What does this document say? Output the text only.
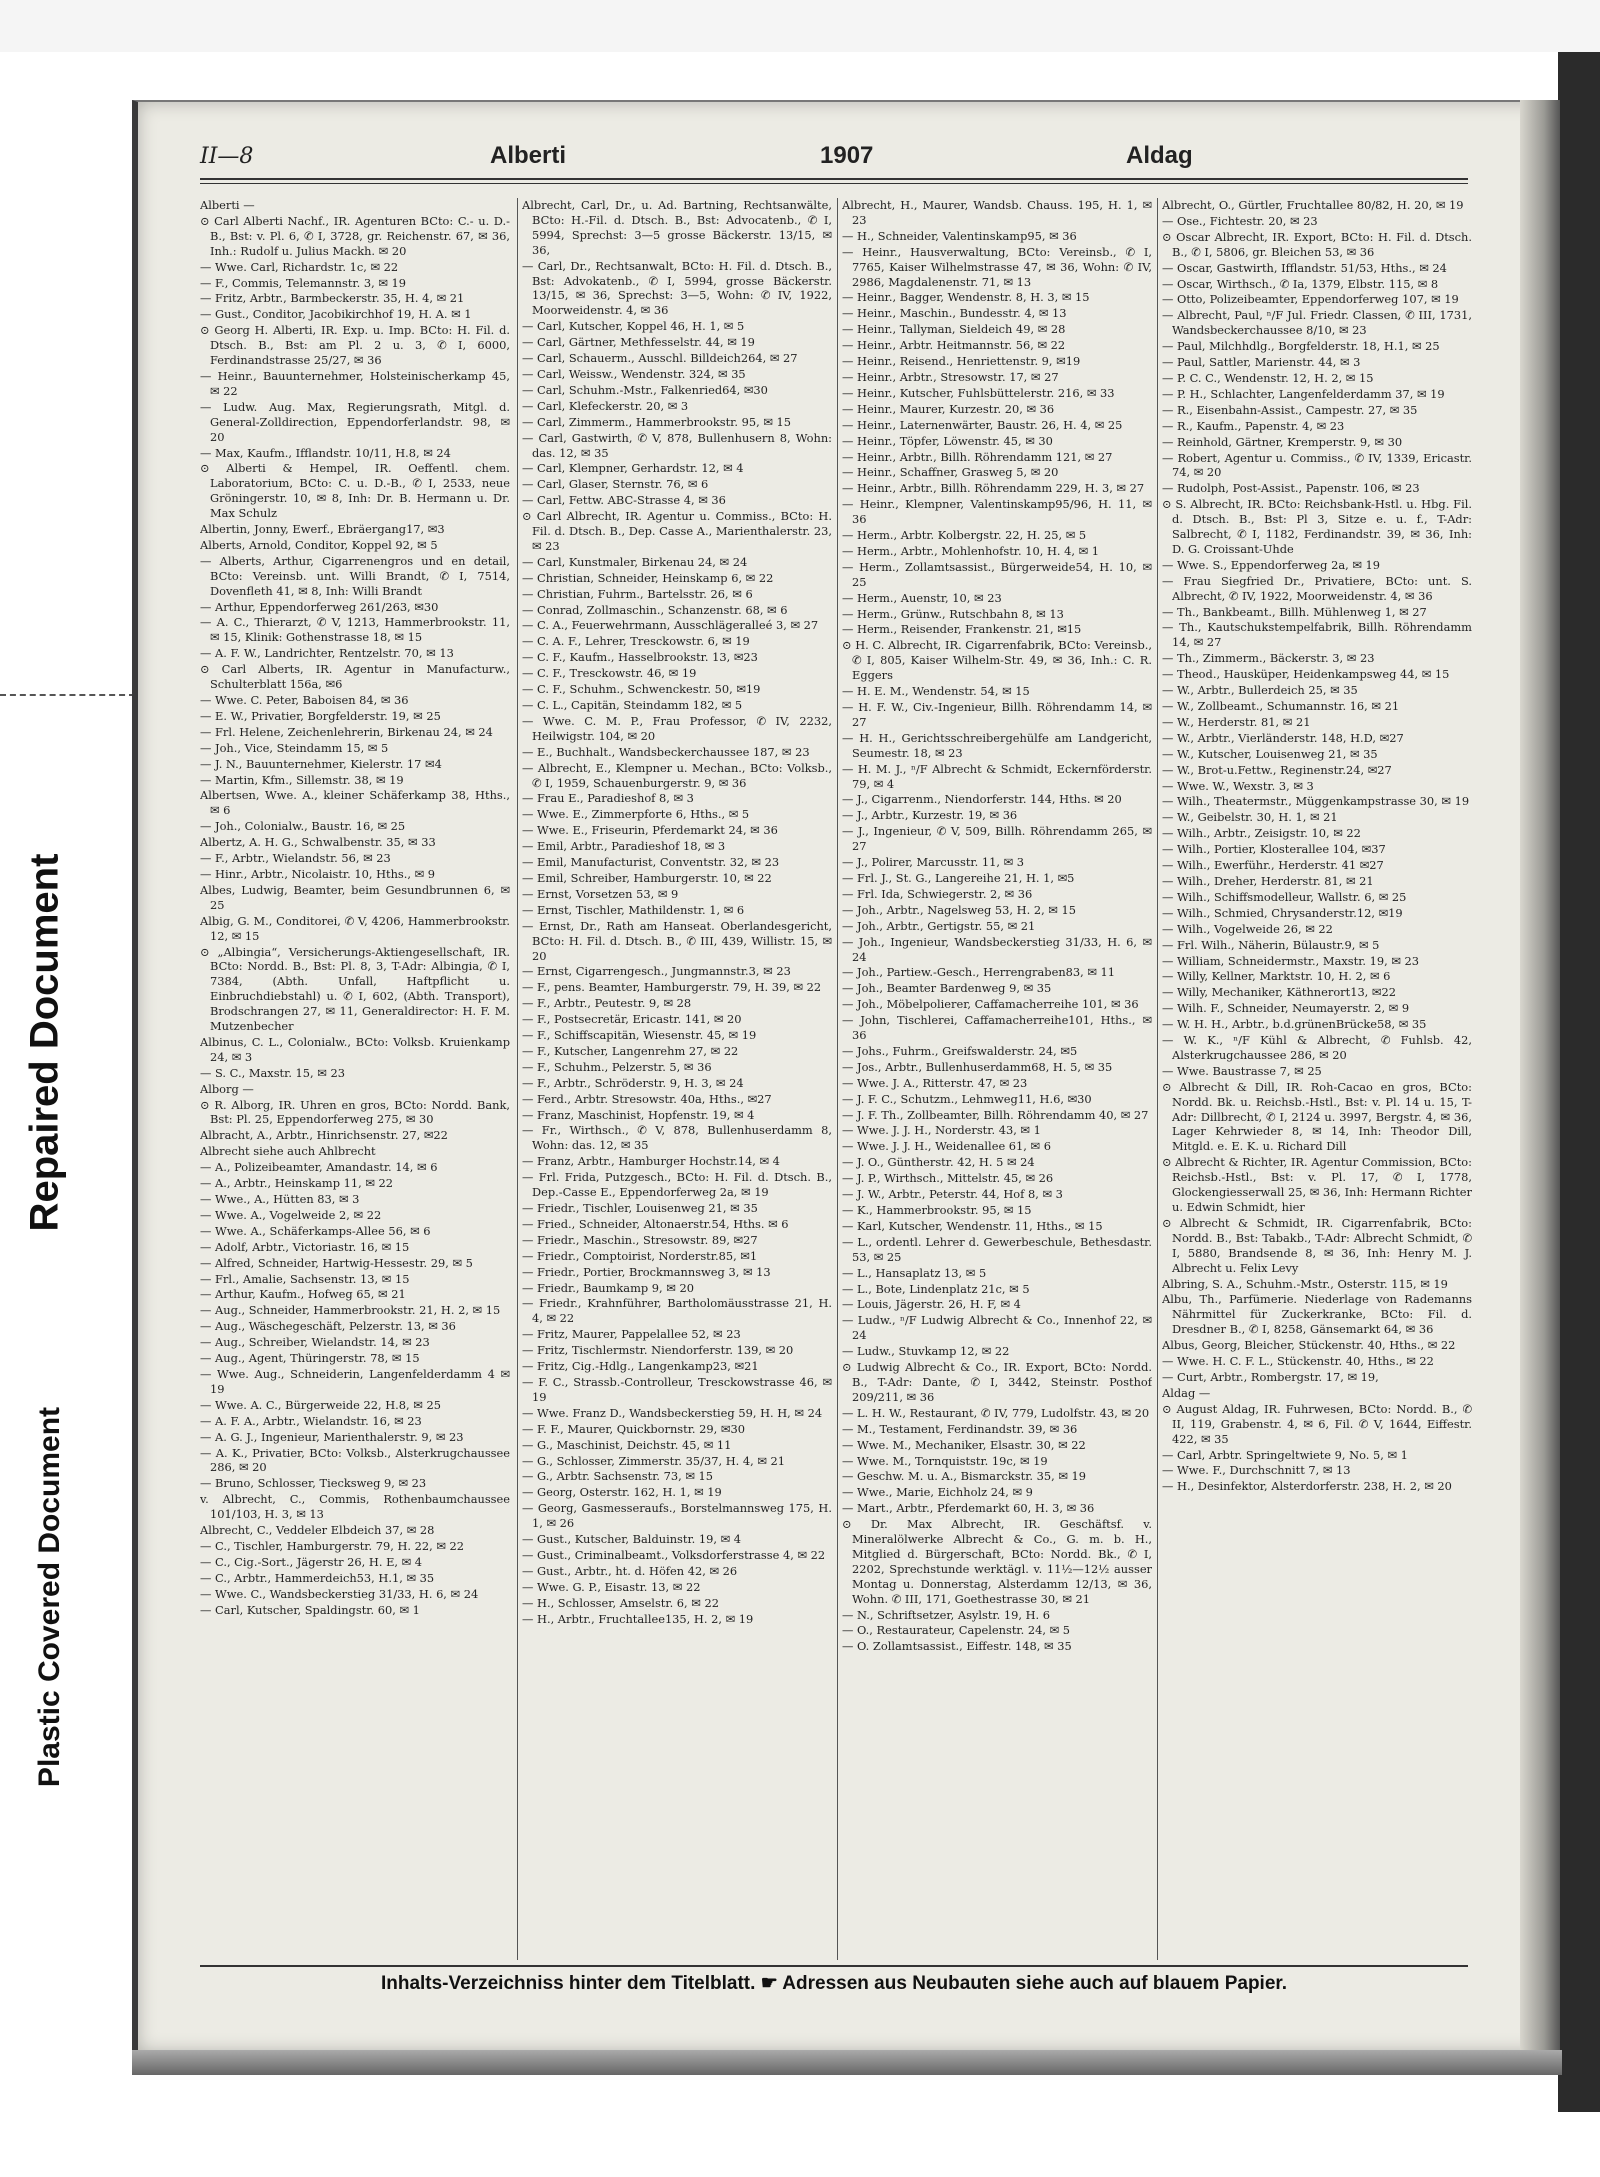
Repaired Document
Plastic Covered Document
II—8	Alberti	1907	Aldag
Alberti —
⊙ Carl Alberti Nachf., IR. Agenturen BCto: C.- u. D.-B., Bst: v. Pl. 6, ✆ I, 3728, gr. Reichenstr. 67, ✉ 36, Inh.: Rudolf u. Julius Mackh. ✉ 20
— Wwe. Carl, Richardstr. 1c, ✉ 22
— F., Commis, Telemannstr. 3, ✉ 19
— Fritz, Arbtr., Barmbeckerstr. 35, H. 4, ✉ 21
— Gust., Conditor, Jacobikirchhof 19, H. A. ✉ 1
⊙ Georg H. Alberti, IR. Exp. u. Imp. BCto: H. Fil. d. Dtsch. B., Bst: am Pl. 2 u. 3, ✆ I, 6000, Ferdinandstrasse 25/27, ✉ 36
— Heinr., Bauunternehmer, Holsteinischerkamp 45, ✉ 22
— Ludw. Aug. Max, Regierungsrath, Mitgl. d. General-Zolldirection, Eppendorferlandstr. 98, ✉ 20
— Max, Kaufm., Ifflandstr. 10/11, H.8, ✉ 24
⊙ Alberti & Hempel, IR. Oeffentl. chem. Laboratorium, BCto: C. u. D.-B., ✆ I, 2533, neue Gröningerstr. 10, ✉ 8, Inh: Dr. B. Hermann u. Dr. Max Schulz
Albertin, Jonny, Ewerf., Ebräergang17, ✉3
Alberts, Arnold, Conditor, Koppel 92, ✉ 5
— Alberts, Arthur, Cigarrenengros und en detail, BCto: Vereinsb. unt. Willi Brandt, ✆ I, 7514, Dovenfleth 41, ✉ 8, Inh: Willi Brandt
— Arthur, Eppendorferweg 261/263, ✉30
— A. C., Thierarzt, ✆ V, 1213, Hammerbrookstr. 11, ✉ 15, Klinik: Gothenstrasse 18, ✉ 15
— A. F. W., Landrichter, Rentzelstr. 70, ✉ 13
⊙ Carl Alberts, IR. Agentur in Manufacturw., Schulterblatt 156a, ✉6
— Wwe. C. Peter, Baboisen 84, ✉ 36
— E. W., Privatier, Borgfelderstr. 19, ✉ 25
— Frl. Helene, Zeichenlehrerin, Birkenau 24, ✉ 24
— Joh., Vice, Steindamm 15, ✉ 5
— J. N., Bauunternehmer, Kielerstr. 17 ✉4
— Martin, Kfm., Sillemstr. 38, ✉ 19
Albertsen, Wwe. A., kleiner Schäferkamp 38, Hths., ✉ 6
— Joh., Colonialw., Baustr. 16, ✉ 25
Albertz, A. H. G., Schwalbenstr. 35, ✉ 33
— F., Arbtr., Wielandstr. 56, ✉ 23
— Hinr., Arbtr., Nicolaistr. 10, Hths., ✉ 9
Albes, Ludwig, Beamter, beim Gesundbrunnen 6, ✉ 25
Albig, G. M., Conditorei, ✆ V, 4206, Hammerbrookstr. 12, ✉ 15
⊙ „Albingia“, Versicherungs-Aktiengesellschaft, IR. BCto: Nordd. B., Bst: Pl. 8, 3, T-Adr: Albingia, ✆ I, 7384, (Abth. Unfall, Haftpflicht u. Einbruchdiebstahl) u. ✆ I, 602, (Abth. Transport), Brodschrangen 27, ✉ 11, Generaldirector: H. F. M. Mutzenbecher
Albinus, C. L., Colonialw., BCto: Volksb. Kruienkamp 24, ✉ 3
— S. C., Maxstr. 15, ✉ 23
Alborg —
⊙ R. Alborg, IR. Uhren en gros, BCto: Nordd. Bank, Bst: Pl. 25, Eppendorferweg 275, ✉ 30
Albracht, A., Arbtr., Hinrichsenstr. 27, ✉22
Albrecht siehe auch Ahlbrecht
— A., Polizeibeamter, Amandastr. 14, ✉ 6
— A., Arbtr., Heinskamp 11, ✉ 22
— Wwe., A., Hütten 83, ✉ 3
— Wwe. A., Vogelweide 2, ✉ 22
— Wwe. A., Schäferkamps-Allee 56, ✉ 6
— Adolf, Arbtr., Victoriastr. 16, ✉ 15
— Alfred, Schneider, Hartwig-Hessestr. 29, ✉ 5
— Frl., Amalie, Sachsenstr. 13, ✉ 15
— Arthur, Kaufm., Hofweg 65, ✉ 21
— Aug., Schneider, Hammerbrookstr. 21, H. 2, ✉ 15
— Aug., Wäschegeschäft, Pelzerstr. 13, ✉ 36
— Aug., Schreiber, Wielandstr. 14, ✉ 23
— Aug., Agent, Thüringerstr. 78, ✉ 15
— Wwe. Aug., Schneiderin, Langenfelderdamm 4 ✉ 19
— Wwe. A. C., Bürgerweide 22, H.8, ✉ 25
— A. F. A., Arbtr., Wielandstr. 16, ✉ 23
— A. G. J., Ingenieur, Marienthalerstr. 9, ✉ 23
— A. K., Privatier, BCto: Volksb., Alsterkrugchaussee 286, ✉ 20
— Bruno, Schlosser, Tiecksweg 9, ✉ 23
v. Albrecht, C., Commis, Rothenbaumchaussee 101/103, H. 3, ✉ 13
Albrecht, C., Veddeler Elbdeich 37, ✉ 28
— C., Tischler, Hamburgerstr. 79, H. 22, ✉ 22
— C., Cig.-Sort., Jägerstr 26, H. E, ✉ 4
— C., Arbtr., Hammerdeich53, H.1, ✉ 35
— Wwe. C., Wandsbeckerstieg 31/33, H. 6, ✉ 24
— Carl, Kutscher, Spaldingstr. 60, ✉ 1
Albrecht, Carl, Dr., u. Ad. Bartning, Rechtsanwälte, BCto: H.-Fil. d. Dtsch. B., Bst: Advocatenb., ✆ I, 5994, Sprechst: 3—5 grosse Bäckerstr. 13/15, ✉ 36,
— Carl, Dr., Rechtsanwalt, BCto: H. Fil. d. Dtsch. B., Bst: Advokatenb., ✆ I, 5994, grosse Bäckerstr. 13/15, ✉ 36, Sprechst: 3—5, Wohn: ✆ IV, 1922, Moorweidenstr. 4, ✉ 36
— Carl, Kutscher, Koppel 46, H. 1, ✉ 5
— Carl, Gärtner, Methfesselstr. 44, ✉ 19
— Carl, Schauerm., Ausschl. Billdeich264, ✉ 27
— Carl, Weissw., Wendenstr. 324, ✉ 35
— Carl, Schuhm.-Mstr., Falkenried64, ✉30
— Carl, Klefeckerstr. 20, ✉ 3
— Carl, Zimmerm., Hammerbrookstr. 95, ✉ 15
— Carl, Gastwirth, ✆ V, 878, Bullenhusern 8, Wohn: das. 12, ✉ 35
— Carl, Klempner, Gerhardstr. 12, ✉ 4
— Carl, Glaser, Sternstr. 76, ✉ 6
— Carl, Fettw. ABC-Strasse 4, ✉ 36
⊙ Carl Albrecht, IR. Agentur u. Commiss., BCto: H. Fil. d. Dtsch. B., Dep. Casse A., Marienthalerstr. 23, ✉ 23
— Carl, Kunstmaler, Birkenau 24, ✉ 24
— Christian, Schneider, Heinskamp 6, ✉ 22
— Christian, Fuhrm., Bartelsstr. 26, ✉ 6
— Conrad, Zollmaschin., Schanzenstr. 68, ✉ 6
— C. A., Feuerwehrmann, Ausschlägeralleé 3, ✉ 27
— C. A. F., Lehrer, Tresckowstr. 6, ✉ 19
— C. F., Kaufm., Hasselbrookstr. 13, ✉23
— C. F., Tresckowstr. 46, ✉ 19
— C. F., Schuhm., Schwenckestr. 50, ✉19
— C. L., Capitän, Steindamm 182, ✉ 5
— Wwe. C. M. P., Frau Professor, ✆ IV, 2232, Heilwigstr. 104, ✉ 20
— E., Buchhalt., Wandsbeckerchaussee 187, ✉ 23
— Albrecht, E., Klempner u. Mechan., BCto: Volksb., ✆ I, 1959, Schauenburgerstr. 9, ✉ 36
— Frau E., Paradieshof 8, ✉ 3
— Wwe. E., Zimmerpforte 6, Hths., ✉ 5
— Wwe. E., Friseurin, Pferdemarkt 24, ✉ 36
— Emil, Arbtr., Paradieshof 18, ✉ 3
— Emil, Manufacturist, Conventstr. 32, ✉ 23
— Emil, Schreiber, Hamburgerstr. 10, ✉ 22
— Ernst, Vorsetzen 53, ✉ 9
— Ernst, Tischler, Mathildenstr. 1, ✉ 6
— Ernst, Dr., Rath am Hanseat. Oberlandesgericht, BCto: H. Fil. d. Dtsch. B., ✆ III, 439, Willistr. 15, ✉ 20
— Ernst, Cigarrengesch., Jungmannstr.3, ✉ 23
— F., pens. Beamter, Hamburgerstr. 79, H. 39, ✉ 22
— F., Arbtr., Peutestr. 9, ✉ 28
— F., Postsecretär, Ericastr. 141, ✉ 20
— F., Schiffscapitän, Wiesenstr. 45, ✉ 19
— F., Kutscher, Langenrehm 27, ✉ 22
— F., Schuhm., Pelzerstr. 5, ✉ 36
— F., Arbtr., Schröderstr. 9, H. 3, ✉ 24
— Ferd., Arbtr. Stresowstr. 40a, Hths., ✉27
— Franz, Maschinist, Hopfenstr. 19, ✉ 4
— Fr., Wirthsch., ✆ V, 878, Bullenhuserdamm 8, Wohn: das. 12, ✉ 35
— Franz, Arbtr., Hamburger Hochstr.14, ✉ 4
— Frl. Frida, Putzgesch., BCto: H. Fil. d. Dtsch. B., Dep.-Casse E., Eppendorferweg 2a, ✉ 19
— Friedr., Tischler, Louisenweg 21, ✉ 35
— Fried., Schneider, Altonaerstr.54, Hths. ✉ 6
— Friedr., Maschin., Stresowstr. 89, ✉27
— Friedr., Comptoirist, Norderstr.85, ✉1
— Friedr., Portier, Brockmannsweg 3, ✉ 13
— Friedr., Baumkamp 9, ✉ 20
— Friedr., Krahnführer, Bartholomäusstrasse 21, H. 4, ✉ 22
— Fritz, Maurer, Pappelallee 52, ✉ 23
— Fritz, Tischlermstr. Niendorferstr. 139, ✉ 20
— Fritz, Cig.-Hdlg., Langenkamp23, ✉21
— F. C., Strassb.-Controlleur, Tresckowstrasse 46, ✉ 19
— Wwe. Franz D., Wandsbeckerstieg 59, H. H, ✉ 24
— F. F., Maurer, Quickbornstr. 29, ✉30
— G., Maschinist, Deichstr. 45, ✉ 11
— G., Schlosser, Zimmerstr. 35/37, H. 4, ✉ 21
— G., Arbtr. Sachsenstr. 73, ✉ 15
— Georg, Osterstr. 162, H. 1, ✉ 19
— Georg, Gasmesseraufs., Borstelmannsweg 175, H. 1, ✉ 26
— Gust., Kutscher, Balduinstr. 19, ✉ 4
— Gust., Criminalbeamt., Volksdorferstrasse 4, ✉ 22
— Gust., Arbtr., ht. d. Höfen 42, ✉ 26
— Wwe. G. P., Eisastr. 13, ✉ 22
— H., Schlosser, Amselstr. 6, ✉ 22
— H., Arbtr., Fruchtallee135, H. 2, ✉ 19
Albrecht, H., Maurer, Wandsb. Chauss. 195, H. 1, ✉ 23
— H., Schneider, Valentinskamp95, ✉ 36
— Heinr., Hausverwaltung, BCto: Vereinsb., ✆ I, 7765, Kaiser Wilhelmstrasse 47, ✉ 36, Wohn: ✆ IV, 2986, Magdalenenstr. 71, ✉ 13
— Heinr., Bagger, Wendenstr. 8, H. 3, ✉ 15
— Heinr., Maschin., Bundesstr. 4, ✉ 13
— Heinr., Tallyman, Sieldeich 49, ✉ 28
— Heinr., Arbtr. Heitmannstr. 56, ✉ 22
— Heinr., Reisend., Henriettenstr. 9, ✉19
— Heinr., Arbtr., Stresowstr. 17, ✉ 27
— Heinr., Kutscher, Fuhlsbüttelerstr. 216, ✉ 33
— Heinr., Maurer, Kurzestr. 20, ✉ 36
— Heinr., Laternenwärter, Baustr. 26, H. 4, ✉ 25
— Heinr., Töpfer, Löwenstr. 45, ✉ 30
— Heinr., Arbtr., Billh. Röhrendamm 121, ✉ 27
— Heinr., Schaffner, Grasweg 5, ✉ 20
— Heinr., Arbtr., Billh. Röhrendamm 229, H. 3, ✉ 27
— Heinr., Klempner, Valentinskamp95/96, H. 11, ✉ 36
— Herm., Arbtr. Kolbergstr. 22, H. 25, ✉ 5
— Herm., Arbtr., Mohlenhofstr. 10, H. 4, ✉ 1
— Herm., Zollamtsassist., Bürgerweide54, H. 10, ✉ 25
— Herm., Auenstr, 10, ✉ 23
— Herm., Grünw., Rutschbahn 8, ✉ 13
— Herm., Reisender, Frankenstr. 21, ✉15
⊙ H. C. Albrecht, IR. Cigarrenfabrik, BCto: Vereinsb., ✆ I, 805, Kaiser Wilhelm-Str. 49, ✉ 36, Inh.: C. R. Eggers
— H. E. M., Wendenstr. 54, ✉ 15
— H. F. W., Civ.-Ingenieur, Billh. Röhrendamm 14, ✉ 27
— H. H., Gerichtsschreibergehülfe am Landgericht, Seumestr. 18, ✉ 23
— H. M. J., ⁿ/F Albrecht & Schmidt, Eckernförderstr. 79, ✉ 4
— J., Cigarrenm., Niendorferstr. 144, Hths. ✉ 20
— J., Arbtr., Kurzestr. 19, ✉ 36
— J., Ingenieur, ✆ V, 509, Billh. Röhrendamm 265, ✉ 27
— J., Polirer, Marcusstr. 11, ✉ 3
— Frl. J., St. G., Langereihe 21, H. 1, ✉5
— Frl. Ida, Schwiegerstr. 2, ✉ 36
— Joh., Arbtr., Nagelsweg 53, H. 2, ✉ 15
— Joh., Arbtr., Gertigstr. 55, ✉ 21
— Joh., Ingenieur, Wandsbeckerstieg 31/33, H. 6, ✉ 24
— Joh., Partiew.-Gesch., Herrengraben83, ✉ 11
— Joh., Beamter Bardenweg 9, ✉ 35
— Joh., Möbelpolierer, Caffamacherreihe 101, ✉ 36
— John, Tischlerei, Caffamacherreihe101, Hths., ✉ 36
— Johs., Fuhrm., Greifswalderstr. 24, ✉5
— Jos., Arbtr., Bullenhuserdamm68, H. 5, ✉ 35
— Wwe. J. A., Ritterstr. 47, ✉ 23
— J. F. C., Schutzm., Lehmweg11, H.6, ✉30
— J. F. Th., Zollbeamter, Billh. Röhrendamm 40, ✉ 27
— Wwe. J. J. H., Norderstr. 43, ✉ 1
— Wwe. J. J. H., Weidenallee 61, ✉ 6
— J. O., Güntherstr. 42, H. 5 ✉ 24
— J. P., Wirthsch., Mittelstr. 45, ✉ 26
— J. W., Arbtr., Peterstr. 44, Hof 8, ✉ 3
— K., Hammerbrookstr. 95, ✉ 15
— Karl, Kutscher, Wendenstr. 11, Hths., ✉ 15
— L., ordentl. Lehrer d. Gewerbeschule, Bethesdastr. 53, ✉ 25
— L., Hansaplatz 13, ✉ 5
— L., Bote, Lindenplatz 21c, ✉ 5
— Louis, Jägerstr. 26, H. F, ✉ 4
— Ludw., ⁿ/F Ludwig Albrecht & Co., Innenhof 22, ✉ 24
— Ludw., Stuvkamp 12, ✉ 22
⊙ Ludwig Albrecht & Co., IR. Export, BCto: Nordd. B., T-Adr: Dante, ✆ I, 3442, Steinstr. Posthof 209/211, ✉ 36
— L. H. W., Restaurant, ✆ IV, 779, Ludolfstr. 43, ✉ 20
— M., Testament, Ferdinandstr. 39, ✉ 36
— Wwe. M., Mechaniker, Elsastr. 30, ✉ 22
— Wwe. M., Tornquiststr. 19c, ✉ 19
— Geschw. M. u. A., Bismarckstr. 35, ✉ 19
— Wwe., Marie, Eichholz 24, ✉ 9
— Mart., Arbtr., Pferdemarkt 60, H. 3, ✉ 36
⊙ Dr. Max Albrecht, IR. Geschäftsf. v. Mineralölwerke Albrecht & Co., G. m. b. H., Mitglied d. Bürgerschaft, BCto: Nordd. Bk., ✆ I, 2202, Sprechstunde werktägl. v. 11½—12½ ausser Montag u. Donnerstag, Alsterdamm 12/13, ✉ 36, Wohn. ✆ III, 171, Goethestrasse 30, ✉ 21
— N., Schriftsetzer, Asylstr. 19, H. 6
— O., Restaurateur, Capelenstr. 24, ✉ 5
— O. Zollamtsassist., Eiffestr. 148, ✉ 35
Albrecht, O., Gürtler, Fruchtallee 80/82, H. 20, ✉ 19
— Ose., Fichtestr. 20, ✉ 23
⊙ Oscar Albrecht, IR. Export, BCto: H. Fil. d. Dtsch. B., ✆ I, 5806, gr. Bleichen 53, ✉ 36
— Oscar, Gastwirth, Ifflandstr. 51/53, Hths., ✉ 24
— Oscar, Wirthsch., ✆ Ia, 1379, Elbstr. 115, ✉ 8
— Otto, Polizeibeamter, Eppendorferweg 107, ✉ 19
— Albrecht, Paul, ⁿ/F Jul. Friedr. Classen, ✆ III, 1731, Wandsbeckerchaussee 8/10, ✉ 23
— Paul, Milchhdlg., Borgfelderstr. 18, H.1, ✉ 25
— Paul, Sattler, Marienstr. 44, ✉ 3
— P. C. C., Wendenstr. 12, H. 2, ✉ 15
— P. H., Schlachter, Langenfelderdamm 37, ✉ 19
— R., Eisenbahn-Assist., Campestr. 27, ✉ 35
— R., Kaufm., Papenstr. 4, ✉ 23
— Reinhold, Gärtner, Kremperstr. 9, ✉ 30
— Robert, Agentur u. Commiss., ✆ IV, 1339, Ericastr. 74, ✉ 20
— Rudolph, Post-Assist., Papenstr. 106, ✉ 23
⊙ S. Albrecht, IR. BCto: Reichsbank-Hstl. u. Hbg. Fil. d. Dtsch. B., Bst: Pl 3, Sitze e. u. f., T-Adr: Salbrecht, ✆ I, 1182, Ferdinandstr. 39, ✉ 36, Inh: D. G. Croissant-Uhde
— Wwe. S., Eppendorferweg 2a, ✉ 19
— Frau Siegfried Dr., Privatiere, BCto: unt. S. Albrecht, ✆ IV, 1922, Moorweidenstr. 4, ✉ 36
— Th., Bankbeamt., Billh. Mühlenweg 1, ✉ 27
— Th., Kautschukstempelfabrik, Billh. Röhrendamm 14, ✉ 27
— Th., Zimmerm., Bäckerstr. 3, ✉ 23
— Theod., Hausküper, Heidenkampsweg 44, ✉ 15
— W., Arbtr., Bullerdeich 25, ✉ 35
— W., Zollbeamt., Schumannstr. 16, ✉ 21
— W., Herderstr. 81, ✉ 21
— W., Arbtr., Vierländerstr. 148, H.D, ✉27
— W., Kutscher, Louisenweg 21, ✉ 35
— W., Brot-u.Fettw., Reginenstr.24, ✉27
— Wwe. W., Wexstr. 3, ✉ 3
— Wilh., Theatermstr., Müggenkampstrasse 30, ✉ 19
— W., Geibelstr. 30, H. 1, ✉ 21
— Wilh., Arbtr., Zeisigstr. 10, ✉ 22
— Wilh., Portier, Klosterallee 104, ✉37
— Wilh., Ewerführ., Herderstr. 41 ✉27
— Wilh., Dreher, Herderstr. 81, ✉ 21
— Wilh., Schiffsmodelleur, Wallstr. 6, ✉ 25
— Wilh., Schmied, Chrysanderstr.12, ✉19
— Wilh., Vogelweide 26, ✉ 22
— Frl. Wilh., Näherin, Bülaustr.9, ✉ 5
— William, Schneidermstr., Maxstr. 19, ✉ 23
— Willy, Kellner, Marktstr. 10, H. 2, ✉ 6
— Willy, Mechaniker, Käthnerort13, ✉22
— Wilh. F., Schneider, Neumayerstr. 2, ✉ 9
— W. H. H., Arbtr., b.d.grünenBrücke58, ✉ 35
— W. K., ⁿ/F Kühl & Albrecht, ✆ Fuhlsb. 42, Alsterkrugchaussee 286, ✉ 20
— Wwe. Baustrasse 7, ✉ 25
⊙ Albrecht & Dill, IR. Roh-Cacao en gros, BCto: Nordd. Bk. u. Reichsb.-Hstl., Bst: v. Pl. 14 u. 15, T-Adr: Dillbrecht, ✆ I, 2124 u. 3997, Bergstr. 4, ✉ 36, Lager Kehrwieder 8, ✉ 14, Inh: Theodor Dill, Mitgld. e. E. K. u. Richard Dill
⊙ Albrecht & Richter, IR. Agentur Commission, BCto: Reichsb.-Hstl., Bst: v. Pl. 17, ✆ I, 1778, Glockengiesserwall 25, ✉ 36, Inh: Hermann Richter u. Edwin Schmidt, hier
⊙ Albrecht & Schmidt, IR. Cigarrenfabrik, BCto: Nordd. B., Bst: Tabakb., T-Adr: Albrecht Schmidt, ✆ I, 5880, Brandsende 8, ✉ 36, Inh: Henry M. J. Albrecht u. Felix Levy
Albring, S. A., Schuhm.-Mstr., Osterstr. 115, ✉ 19
Albu, Th., Parfümerie. Niederlage von Rademanns Nährmittel für Zuckerkranke, BCto: Fil. d. Dresdner B., ✆ I, 8258, Gänsemarkt 64, ✉ 36
Albus, Georg, Bleicher, Stückenstr. 40, Hths., ✉ 22
— Wwe. H. C. F. L., Stückenstr. 40, Hths., ✉ 22
— Curt, Arbtr., Rombergstr. 17, ✉ 19,
Aldag —
⊙ August Aldag, IR. Fuhrwesen, BCto: Nordd. B., ✆ II, 119, Grabenstr. 4, ✉ 6, Fil. ✆ V, 1644, Eiffestr. 422, ✉ 35
— Carl, Arbtr. Springeltwiete 9, No. 5, ✉ 1
— Wwe. F., Durchschnitt 7, ✉ 13
— H., Desinfektor, Alsterdorferstr. 238, H. 2, ✉ 20
Inhalts-Verzeichniss hinter dem Titelblatt. ☛ Adressen aus Neubauten siehe auch auf blauem Papier.
